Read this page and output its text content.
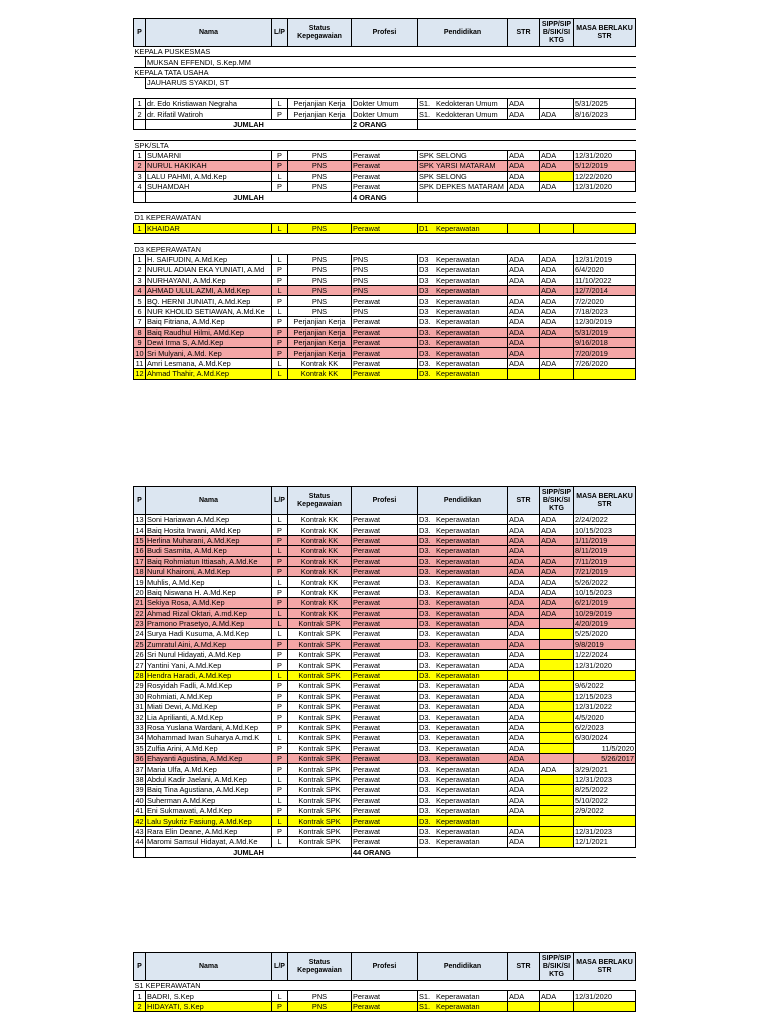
P	Nama	L/P	Status Kepegawaian	Profesi	Pendidikan	STR	SIPP/SIP B/SIK/SI KTG	MASA BERLAKU STR
KEPALA PUSKESMAS								
	MUKSAN EFFENDI, S.Kep.MM							
KEPALA TATA USAHA								
	JAUHARUS SYAKDI, ST							

1	dr. Edo Kristiawan Negraha	L	Perjanjian Kerja	Dokter Umum	S1. Kedokteran Umum	ADA		5/31/2025
2	dr. Rifatil Watiroh	P	Perjanjian Kerja	Dokter Umum	S1. Kedokteran Umum	ADA	ADA	8/16/2023
	JUMLAH			2 ORANG				

SPK/SLTA								
1	SUMARNI	P	PNS	Perawat	SPK SELONG	ADA	ADA	12/31/2020
2	NURUL HAKIKAH	P	PNS	Perawat	SPK YARSI MATARAM	ADA	ADA	5/12/2019
3	LALU PAHMI, A.Md.Kep	L	PNS	Perawat	SPK SELONG	ADA		12/22/2020
4	SUHAMDAH	P	PNS	Perawat	SPK DEPKES MATARAM	ADA	ADA	12/31/2020
	JUMLAH			4 ORANG				

D1 KEPERAWATAN								
1	KHAIDAR	L	PNS	Perawat	D1 Keperawatan			

D3 KEPERAWATAN								
1	H. SAIFUDIN, A.Md.Kep	L	PNS	PNS	D3 Keperawatan	ADA	ADA	12/31/2019
2	NURUL ADIAN EKA YUNIATI, A.Md	P	PNS	PNS	D3 Keperawatan	ADA	ADA	6/4/2020
3	NURHAYANI, A.Md.Kep	P	PNS	PNS	D3 Keperawatan	ADA	ADA	11/10/2022
4	AHMAD ULUL AZMI, A.Md.Kep	L	PNS	PNS	D3 Keperawatan		ADA	12/7/2014
5	BQ. HERNI JUNIATI, A.Md.Kep	P	PNS	Perawat	D3 Keperawatan	ADA	ADA	7/2/2020
6	NUR KHOLID SETIAWAN, A.Md.Ke	L	PNS	PNS	D3 Keperawatan	ADA	ADA	7/18/2023
7	Baiq Fitriana, A.Md.Kep	P	Perjanjian Kerja	Perawat	D3. Keperawatan	ADA	ADA	12/30/2019
8	Baiq Raudhul Hilmi, AMd.Kep	P	Perjanjian Kerja	Perawat	D3. Keperawatan	ADA	ADA	5/31/2019
9	Dewi Irma S, A.Md.Kep	P	Perjanjian Kerja	Perawat	D3. Keperawatan	ADA		9/16/2018
10	Sri Mulyani, A.Md. Kep	P	Perjanjian Kerja	Perawat	D3. Keperawatan	ADA		7/20/2019
11	Amri Lesmana, A.Md.Kep	L	Kontrak KK	Perawat	D3. Keperawatan	ADA	ADA	7/26/2020
12	Ahmad Thahir, A.Md.Kep	L	Kontrak KK	Perawat	D3. Keperawatan			
P	Nama	L/P	Status Kepegawaian	Profesi	Pendidikan	STR	SIPP/SIP B/SIK/SI KTG	MASA BERLAKU STR
13	Soni Hariawan A.Md.Kep	L	Kontrak KK	Perawat	D3. Keperawatan	ADA	ADA	2/24/2022
14	Baiq Hosita Irwani, AMd.Kep	P	Kontrak KK	Perawat	D3. Keperawatan	ADA	ADA	10/15/2023
15	Herlina Muharani, A.Md.Kep	P	Kontrak KK	Perawat	D3. Keperawatan	ADA	ADA	1/11/2019
16	Budi Sasmita, A.Md.Kep	L	Kontrak KK	Perawat	D3. Keperawatan	ADA		8/11/2019
17	Baiq Rohmiatun Ittiasah, A.Md.Ke	P	Kontrak KK	Perawat	D3. Keperawatan	ADA	ADA	7/11/2019
18	Nurul Khaironi, A.Md.Kep	P	Kontrak KK	Perawat	D3. Keperawatan	ADA	ADA	7/21/2019
19	Muhlis, A.Md.Kep	L	Kontrak KK	Perawat	D3. Keperawatan	ADA	ADA	5/26/2022
20	Baiq Niswana H. A.Md.Kep	P	Kontrak KK	Perawat	D3. Keperawatan	ADA	ADA	10/15/2023
21	Sekiya Rosa, A.Md.Kep	P	Kontrak KK	Perawat	D3. Keperawatan	ADA	ADA	6/21/2019
22	Ahmad Rizal Oktari, A.md.Kep	L	Kontrak KK	Perawat	D3. Keperawatan	ADA	ADA	10/29/2019
23	Pramono Prasetyo, A.Md.Kep	L	Kontrak SPK	Perawat	D3. Keperawatan	ADA		4/20/2019
24	Surya Hadi Kusuma, A.Md.Kep	L	Kontrak SPK	Perawat	D3. Keperawatan	ADA		5/25/2020
25	Zumratul Aini, A.Md.Kep	P	Kontrak SPK	Perawat	D3. Keperawatan	ADA		9/8/2019
26	Sri Nurul Hidayati, A.Md.Kep	P	Kontrak SPK	Perawat	D3. Keperawatan	ADA		1/22/2024
27	Yantini Yani, A.Md.Kep	P	Kontrak SPK	Perawat	D3. Keperawatan	ADA		12/31/2020
28	Hendra Haradi, A.Md.Kep	L	Kontrak SPK	Perawat	D3. Keperawatan			
29	Rosyidah Fadli, A.Md.Kep	P	Kontrak SPK	Perawat	D3. Keperawatan	ADA		9/6/2022
30	Rohmiati, A.Md.Kep	P	Kontrak SPK	Perawat	D3. Keperawatan	ADA		12/15/2023
31	Miati Dewi, A.Md.Kep	P	Kontrak SPK	Perawat	D3. Keperawatan	ADA		12/31/2022
32	Lia Aprilianti, A.Md.Kep	P	Kontrak SPK	Perawat	D3. Keperawatan	ADA		4/5/2020
33	Rosa Yuslana Wardani, A.Md.Kep	P	Kontrak SPK	Perawat	D3. Keperawatan	ADA		6/2/2023
34	Mohammad Iwan Suharya A.md.K	L	Kontrak SPK	Perawat	D3. Keperawatan	ADA		6/30/2024
35	Zulfia Arini, A.Md.Kep	P	Kontrak SPK	Perawat	D3. Keperawatan	ADA		11/5/2020
36	Ehayanti Agustina, A.Md.Kep	P	Kontrak SPK	Perawat	D3. Keperawatan	ADA		5/26/2017
37	Maria Ulfa, A.Md.Kep	P	Kontrak SPK	Perawat	D3. Keperawatan	ADA	ADA	3/29/2021
38	Abdul Kadir Jaelani, A.Md.Kep	L	Kontrak SPK	Perawat	D3. Keperawatan	ADA		12/31/2023
39	Baiq Tina Agustiana, A.Md.Kep	P	Kontrak SPK	Perawat	D3. Keperawatan	ADA		8/25/2022
40	Suherman A.Md.Kep	L	Kontrak SPK	Perawat	D3. Keperawatan	ADA		5/10/2022
41	Eni Sukmawati, A.Md.Kep	P	Kontrak SPK	Perawat	D3. Keperawatan	ADA		2/9/2022
42	Lalu Syukriz Fasiung, A.Md.Kep	L	Kontrak SPK	Perawat	D3. Keperawatan			
43	Rara Elin Deane, A.Md.Kep	P	Kontrak SPK	Perawat	D3. Keperawatan	ADA		12/31/2023
44	Maromi Samsul Hidayat, A.Md.Ke	L	Kontrak SPK	Perawat	D3. Keperawatan	ADA		12/1/2021
	JUMLAH			44 ORANG				
P	Nama	L/P	Status Kepegawaian	Profesi	Pendidikan	STR	SIPP/SIP B/SIK/SI KTG	MASA BERLAKU STR
S1 KEPERAWATAN								
1	BADRI, S.Kep	L	PNS	Perawat	S1. Keperawatan	ADA	ADA	12/31/2020
2	HIDAYATI, S.Kep	P	PNS	Perawat	S1. Keperawatan			
